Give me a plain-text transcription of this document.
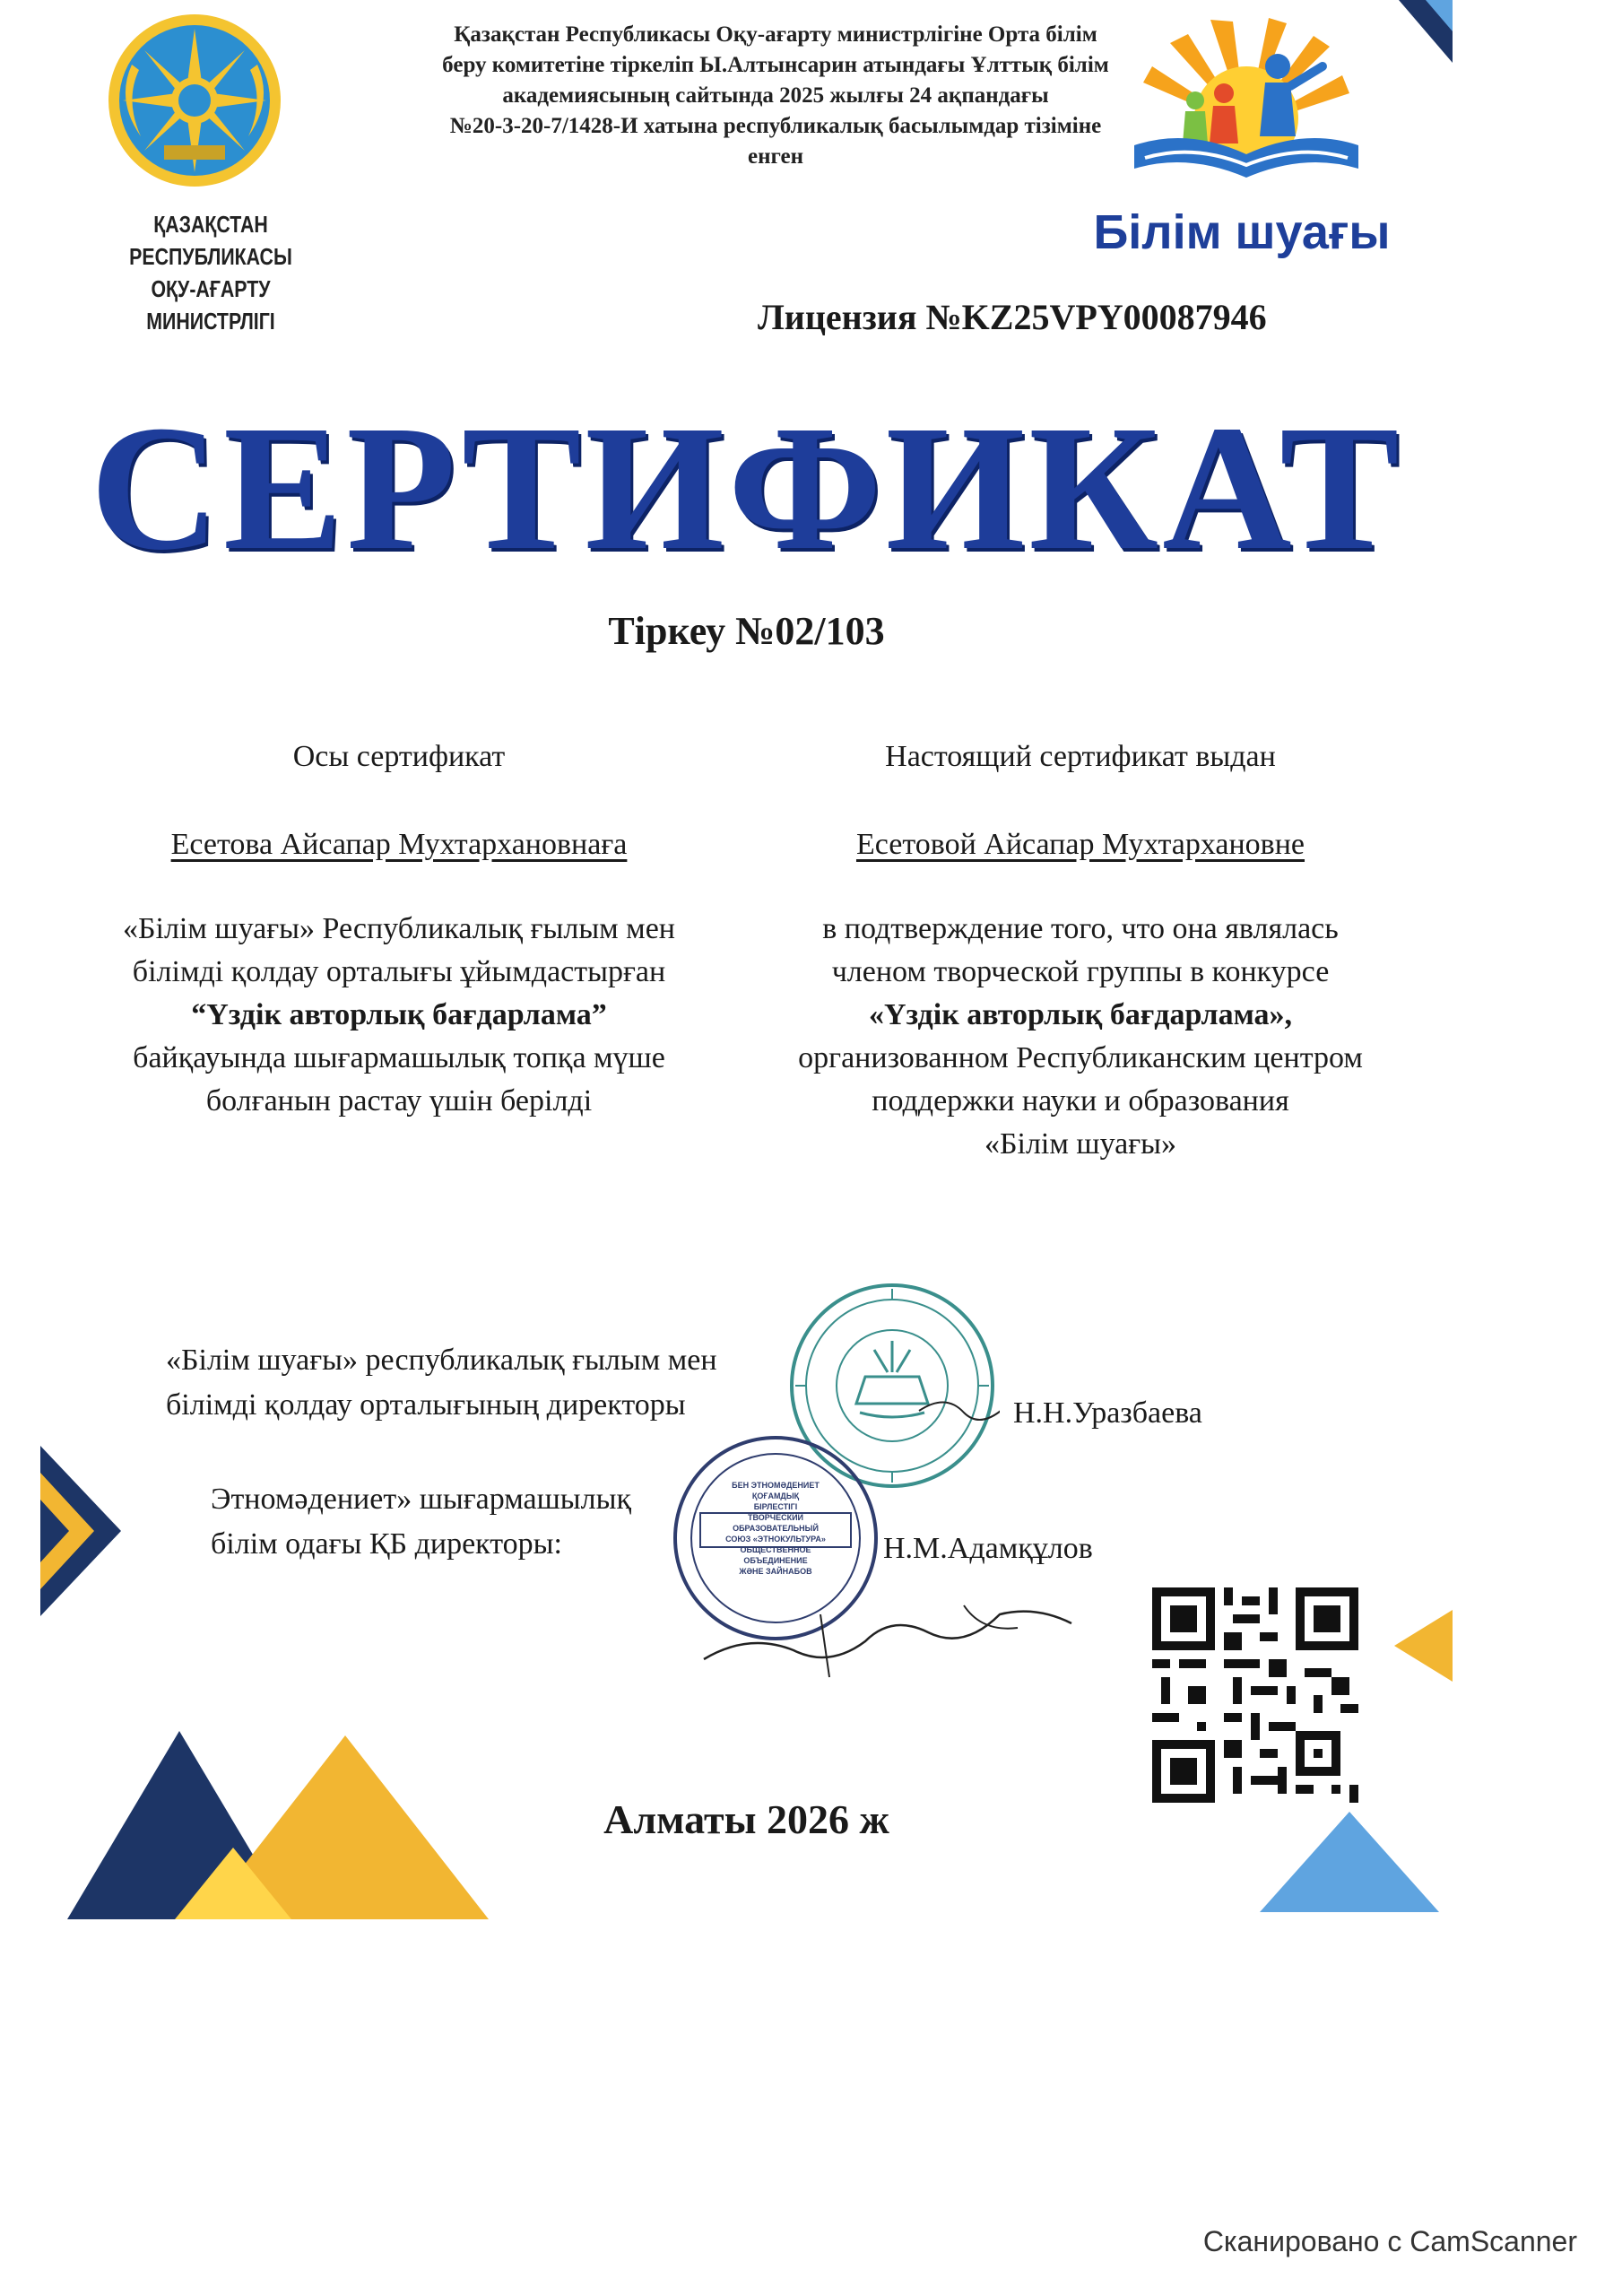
ҚАЗАҚСТАН РЕСПУБЛИКАСЫ
ОҚУ-АҒАРТУ МИНИСТРЛІГІ
Қазақстан Республикасы Оқу-ағарту министрлігіне Орта білім
беру комитетіне тіркеліп Ы.Алтынсарин атындағы Ұлттық білім
академиясының сайтында 2025 жылғы 24 ақпандағы
№20-3-20-7/1428-И хатына республикалық басылымдар тізіміне
енген
Білім шуағы
Лицензия №KZ25VPY00087946
СЕРТИФИКАТ
Тіркеу №02/103
Осы сертификат
Есетова Айсапар Мухтархановнаға
«Білім шуағы» Республикалық ғылым мен
білімді қолдау орталығы ұйымдастырған
“Үздік авторлық бағдарлама”
байқауында шығармашылық топқа мүше
болғанын растау үшін берілді
Настоящий сертификат выдан
Есетовой Айсапар Мухтархановне
в подтверждение того, что она являлась
членом творческой группы в конкурсе
«Үздік авторлық бағдарлама»,
организованном Республиканским центром
поддержки науки и образования
«Білім шуағы»
«Білім шуағы» республикалық ғылым мен
білімді қолдау орталығының директоры	Н.Н.Уразбаева
Этномәдениет» шығармашылық
білім одағы ҚБ директоры:	Н.М.Адамқұлов
БЕН ЭТНОМӘДЕНИЕТ
ҚОҒАМДЫҚ
БІРЛЕСТІГІ
ТВОРЧЕСКИЙ ОБРАЗОВАТЕЛЬНЫЙ
СОЮЗ «ЭТНОКУЛЬТУРА»
ОБЩЕСТВЕННОЕ
ОБЪЕДИНЕНИЕ
ЖӘНЕ ЗАЙНАБОВ
Алматы 2026 ж
Сканировано с CamScanner
